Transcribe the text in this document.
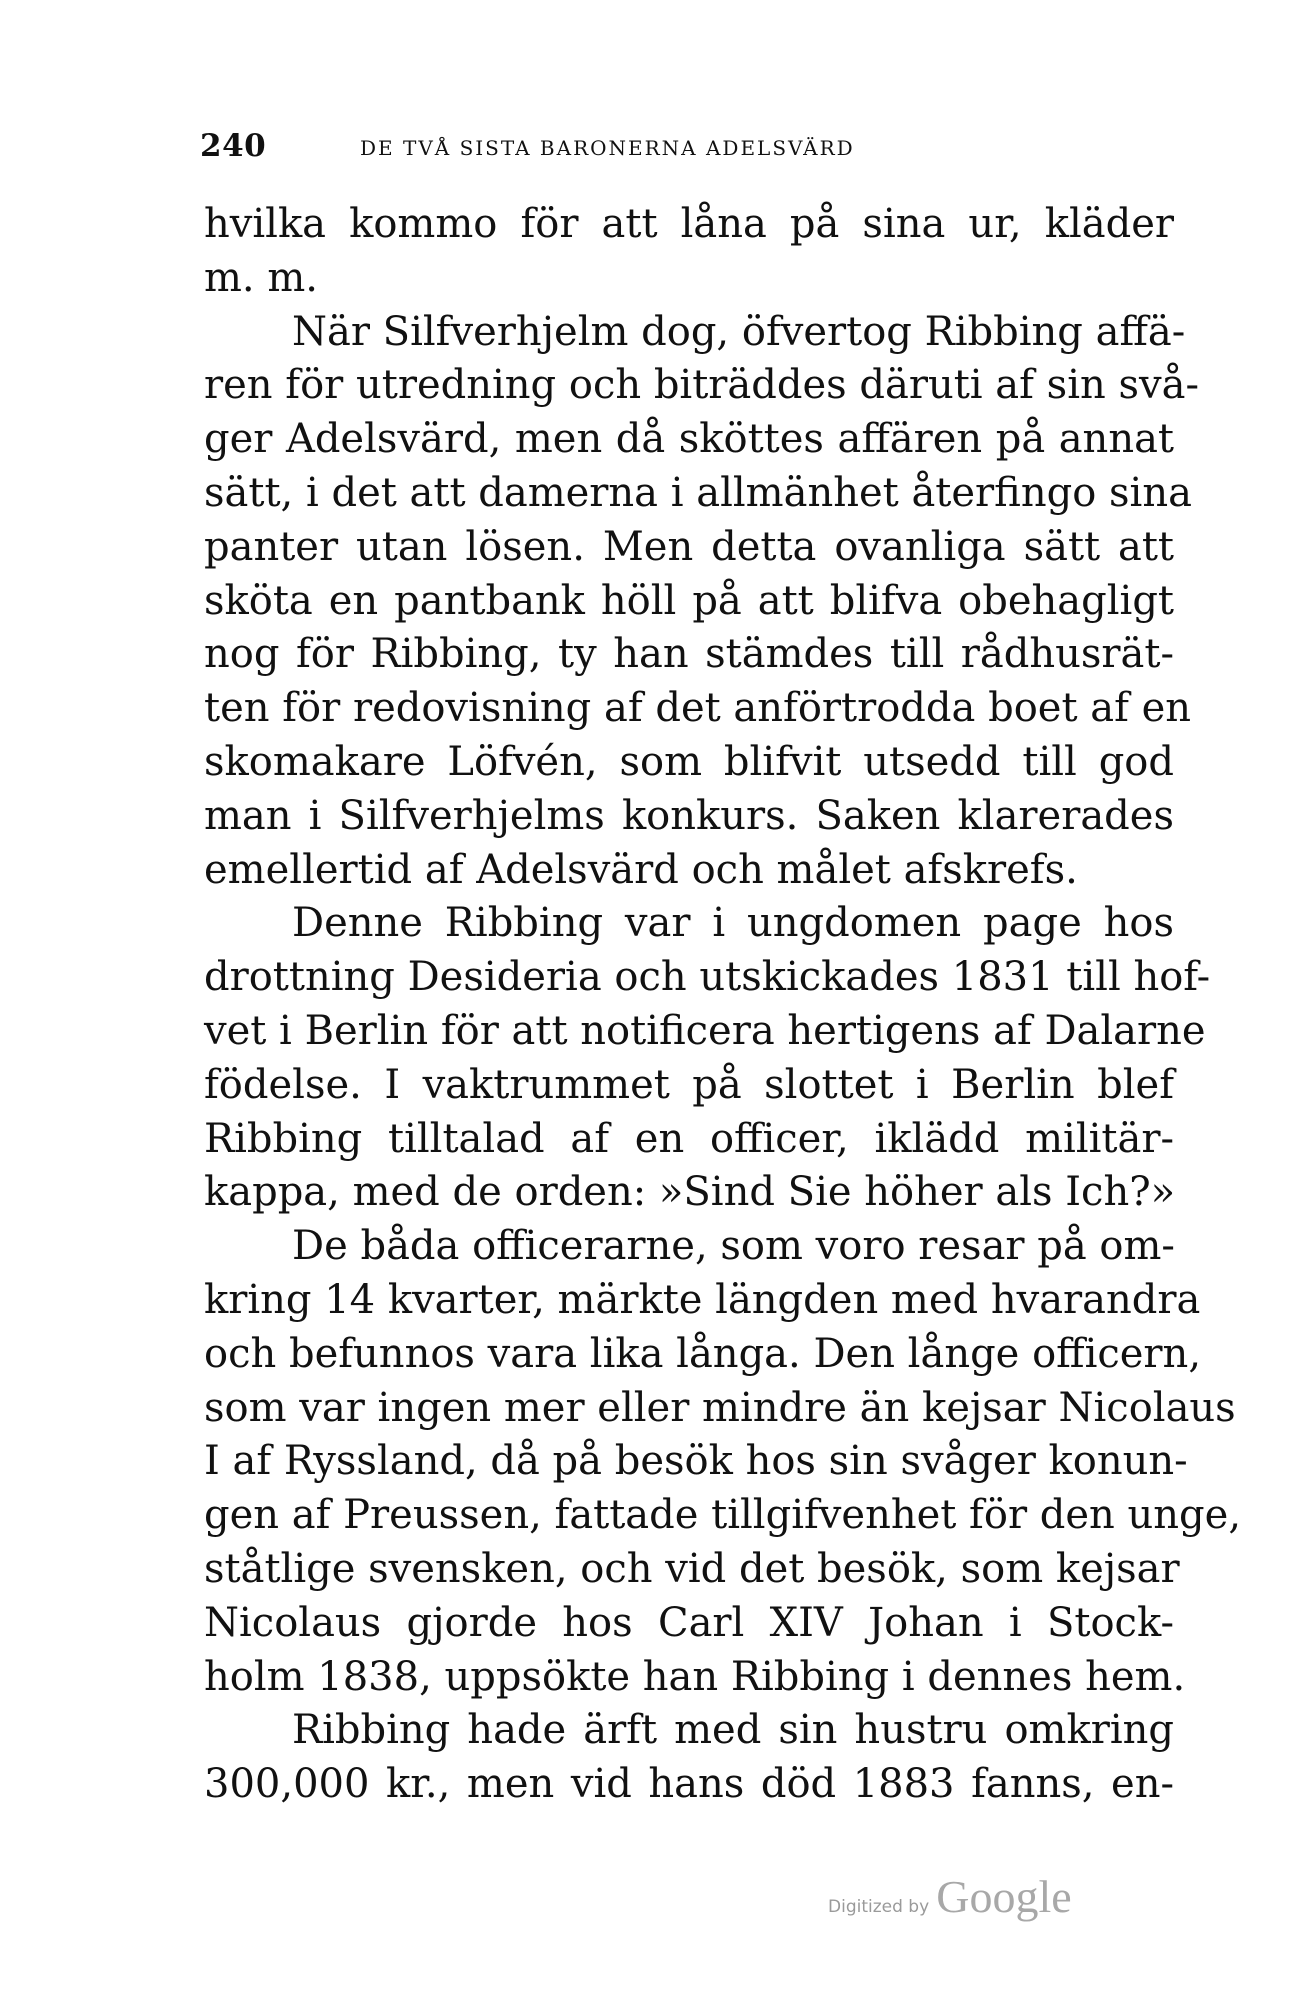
240	DE TVÅ SISTA BARONERNA ADELSVÄRD
hvilka kommo för att låna på sina ur, kläder
m. m.
När Silfverhjelm dog, öfvertog Ribbing affä-
ren för utredning och biträddes däruti af sin svå-
ger Adelsvärd, men då sköttes affären på annat
sätt, i det att damerna i allmänhet återfingo sina
panter utan lösen. Men detta ovanliga sätt att
sköta en pantbank höll på att blifva obehagligt
nog för Ribbing, ty han stämdes till rådhusrät-
ten för redovisning af det anförtrodda boet af en
skomakare Löfvén, som blifvit utsedd till god
man i Silfverhjelms konkurs. Saken klarerades
emellertid af Adelsvärd och målet afskrefs.
Denne Ribbing var i ungdomen page hos
drottning Desideria och utskickades 1831 till hof-
vet i Berlin för att notificera hertigens af Dalarne
födelse. I vaktrummet på slottet i Berlin blef
Ribbing tilltalad af en officer, iklädd militär-
kappa, med de orden: »Sind Sie höher als Ich?»
De båda officerarne, som voro resar på om-
kring 14 kvarter, märkte längden med hvarandra
och befunnos vara lika långa. Den långe officern,
som var ingen mer eller mindre än kejsar Nicolaus
I af Ryssland, då på besök hos sin svåger konun-
gen af Preussen, fattade tillgifvenhet för den unge,
ståtlige svensken, och vid det besök, som kejsar
Nicolaus gjorde hos Carl XIV Johan i Stock-
holm 1838, uppsökte han Ribbing i dennes hem.
Ribbing hade ärft med sin hustru omkring
300,000 kr., men vid hans död 1883 fanns, en-
Digitized by Google
